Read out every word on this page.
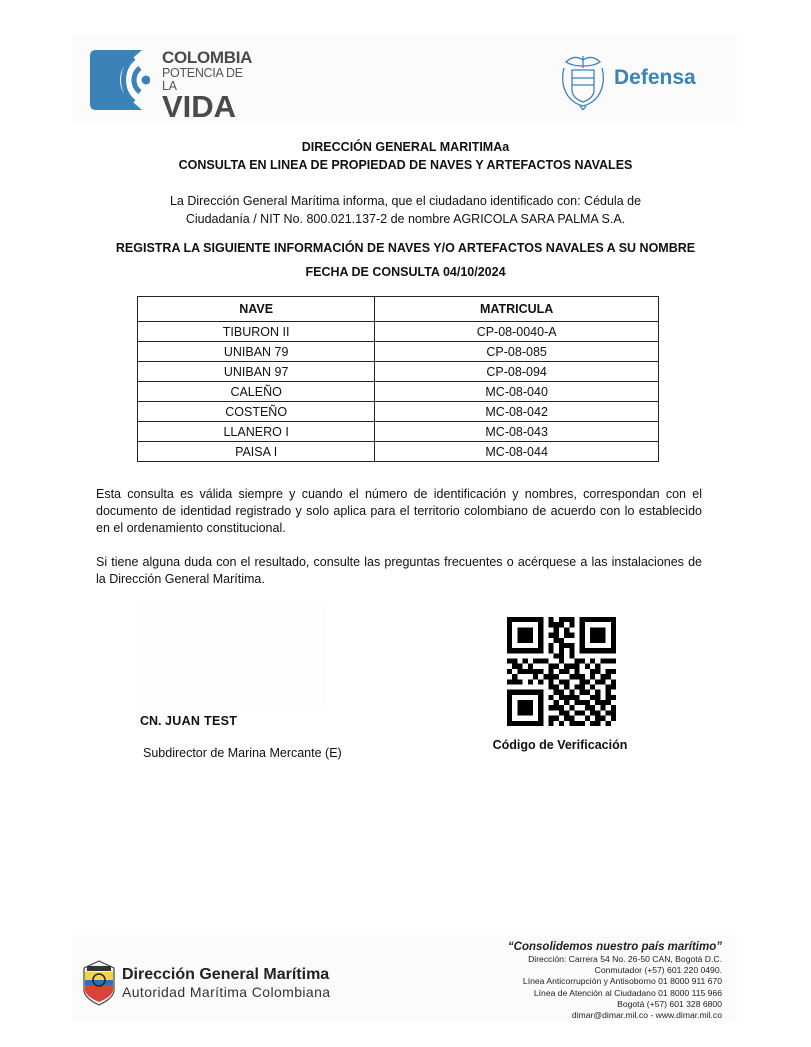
COLOMBIA
POTENCIA DE LA
VIDA
Defensa
DIRECCIÓN GENERAL MARITIMAa
CONSULTA EN LINEA DE PROPIEDAD DE NAVES Y ARTEFACTOS NAVALES
La Dirección General Marítima informa, que el ciudadano identificado con: Cédula de
Ciudadanía / NIT No. 800.021.137-2 de nombre AGRICOLA SARA PALMA S.A.
REGISTRA LA SIGUIENTE INFORMACIÓN DE NAVES Y/O ARTEFACTOS NAVALES A SU NOMBRE
FECHA DE CONSULTA 04/10/2024
NAVE	MATRICULA
TIBURON II	CP-08-0040-A
UNIBAN 79	CP-08-085
UNIBAN 97	CP-08-094
CALEÑO	MC-08-040
COSTEÑO	MC-08-042
LLANERO I	MC-08-043
PAISA I	MC-08-044
Esta consulta es válida siempre y cuando el número de identificación y nombres, correspondan con el documento de identidad registrado y solo aplica para el territorio colombiano de acuerdo con lo establecido en el ordenamiento constitucional.
Si tiene alguna duda con el resultado, consulte las preguntas frecuentes o acérquese a las instalaciones de la Dirección General Marítima.
CN. JUAN TEST
Subdirector de Marina Mercante (E)
Código de Verificación
Dirección General Marítima
Autoridad Marítima Colombiana
“Consolidemos nuestro país marítimo”
Dirección: Carrera 54 No. 26-50 CAN, Bogotá D.C.
Conmutador (+57) 601 220 0490.
Línea Anticorrupción y Antisoborno 01 8000 911 670
Línea de Atención al Ciudadano 01 8000 115 966
Bogotá (+57) 601 328 6800
dimar@dimar.mil.co - www.dimar.mil.co
